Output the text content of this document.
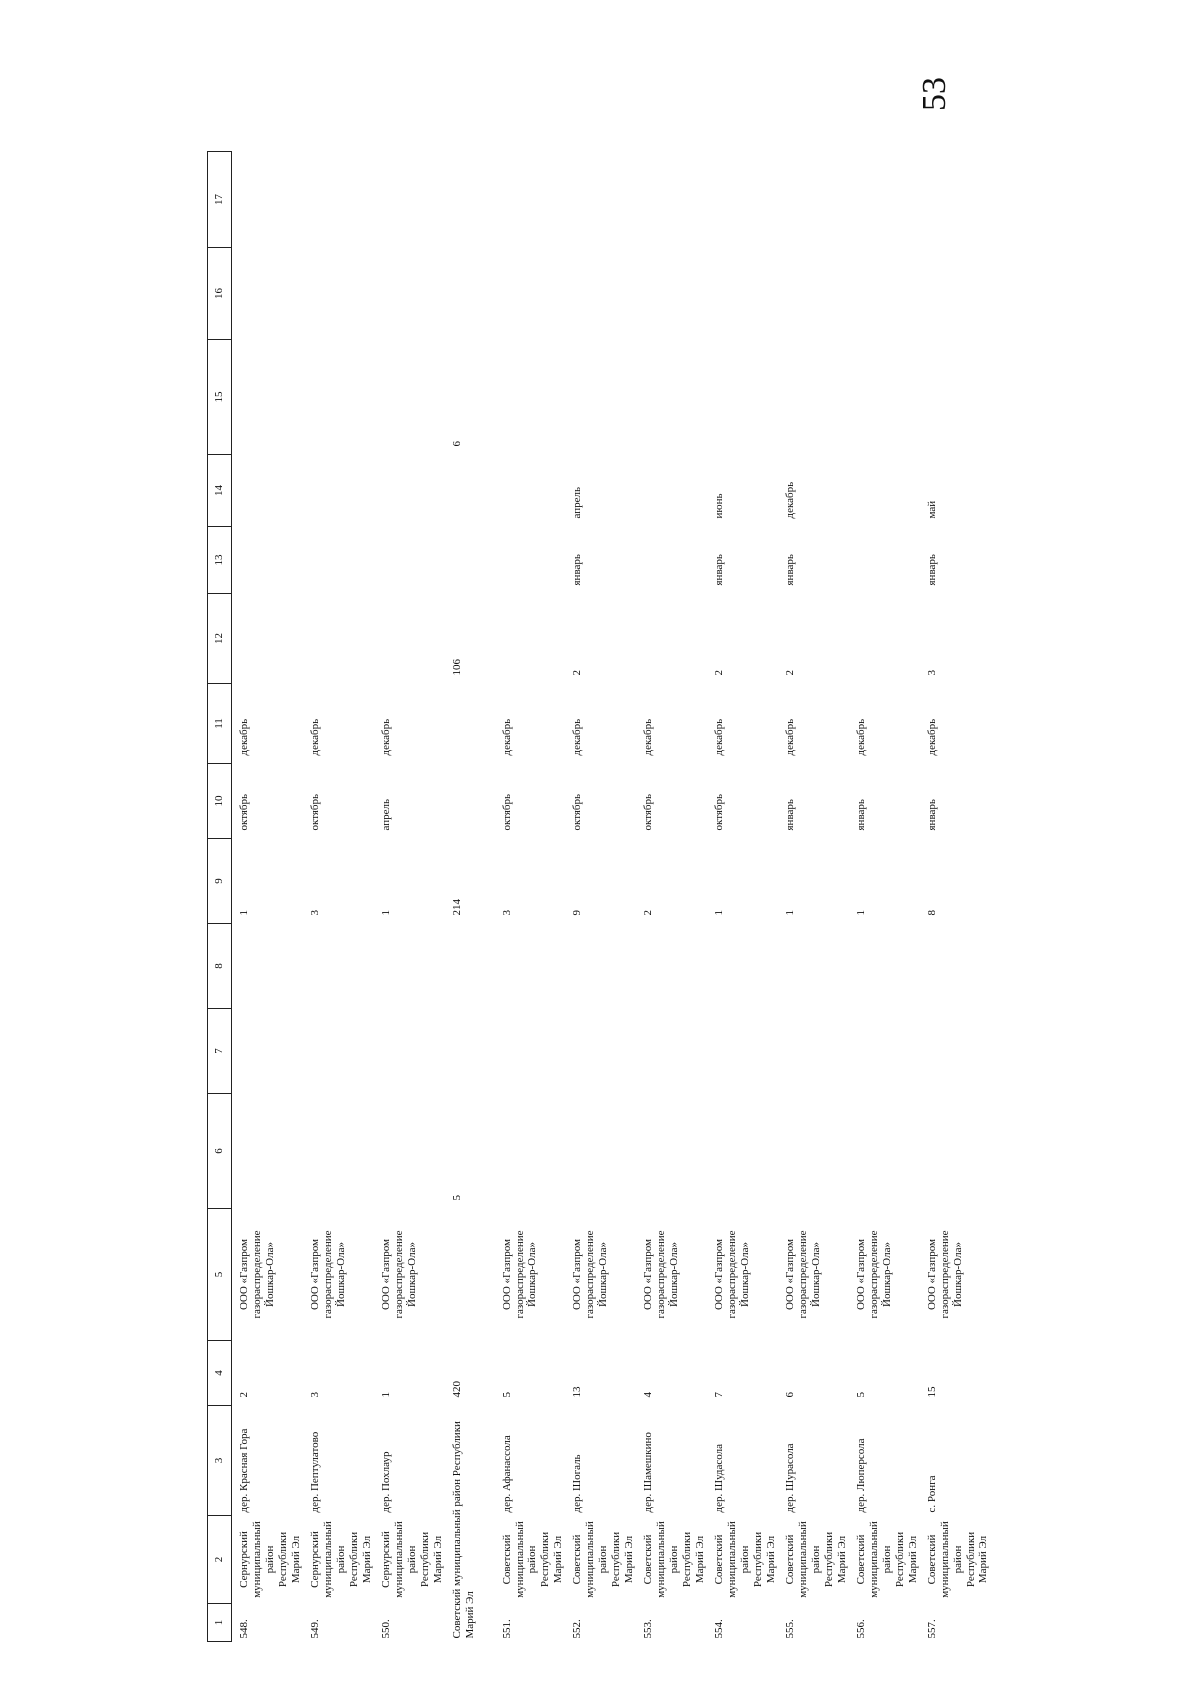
53
1	2	3	4	5	6	7	8	9	10	11	12	13	14	15	16	17
548.	Сернурский муниципальный район Республики Марий Эл	дер. Красная Гора	2	ООО «Газпром газораспределение Йошкар-Ола»				1	октябрь	декабрь						
549.	Сернурский муниципальный район Республики Марий Эл	дер. Пептулатово	3	ООО «Газпром газораспределение Йошкар-Ола»				3	октябрь	декабрь						
550.	Сернурский муниципальный район Республики Марий Эл	дер. Похлаур	1	ООО «Газпром газораспределение Йошкар-Ола»				1	апрель	декабрь						
Советский муниципальный район Республики Марий Эл			420		5			214			106			6		
551.	Советский муниципальный район Республики Марий Эл	дер. Афанассола	5	ООО «Газпром газораспределение Йошкар-Ола»				3	октябрь	декабрь						
552.	Советский муниципальный район Республики Марий Эл	дер. Шогаль	13	ООО «Газпром газораспределение Йошкар-Ола»				9	октябрь	декабрь	2	январь	апрель			
553.	Советский муниципальный район Республики Марий Эл	дер. Шамешкино	4	ООО «Газпром газораспределение Йошкар-Ола»				2	октябрь	декабрь						
554.	Советский муниципальный район Республики Марий Эл	дер. Шудасола	7	ООО «Газпром газораспределение Йошкар-Ола»				1	октябрь	декабрь	2	январь	июнь			
555.	Советский муниципальный район Республики Марий Эл	дер. Шурасола	6	ООО «Газпром газораспределение Йошкар-Ола»				1	январь	декабрь	2	январь	декабрь			
556.	Советский муниципальный район Республики Марий Эл	дер. Люперсола	5	ООО «Газпром газораспределение Йошкар-Ола»				1	январь	декабрь						
557.	Советский муниципальный район Республики Марий Эл	с. Ронга	15	ООО «Газпром газораспределение Йошкар-Ола»				8	январь	декабрь	3	январь	май			
